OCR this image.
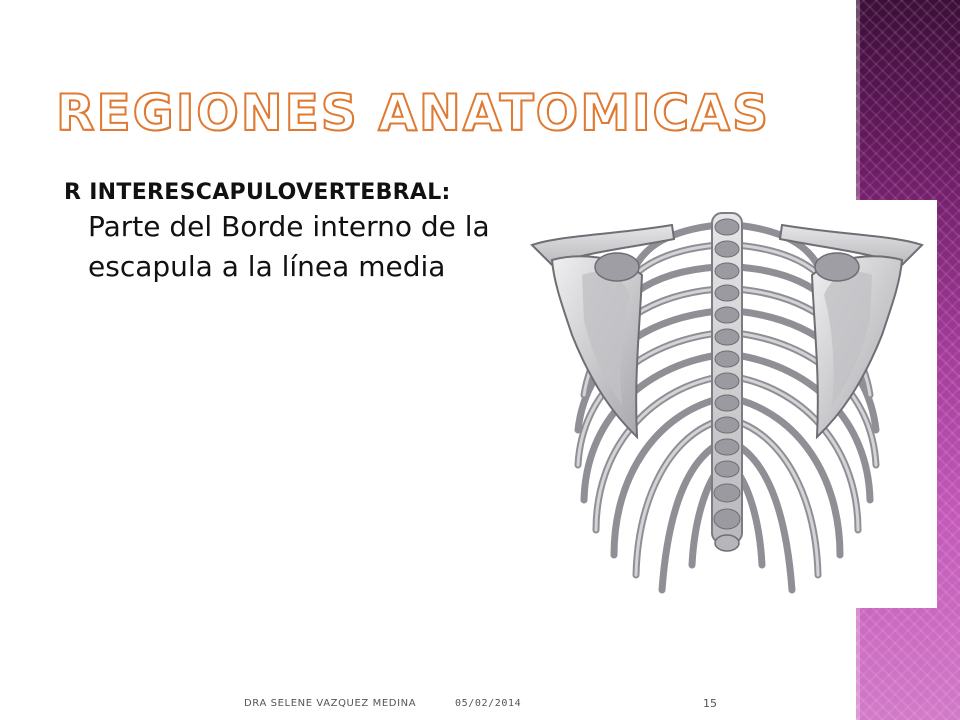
REGIONES ANATOMICAS

R INTERESCAPULOVERTEBRAL:

Parte del Borde interno de la escapula a la línea media

DRA SELENE VAZQUEZ MEDINA	05/02/2014	15
